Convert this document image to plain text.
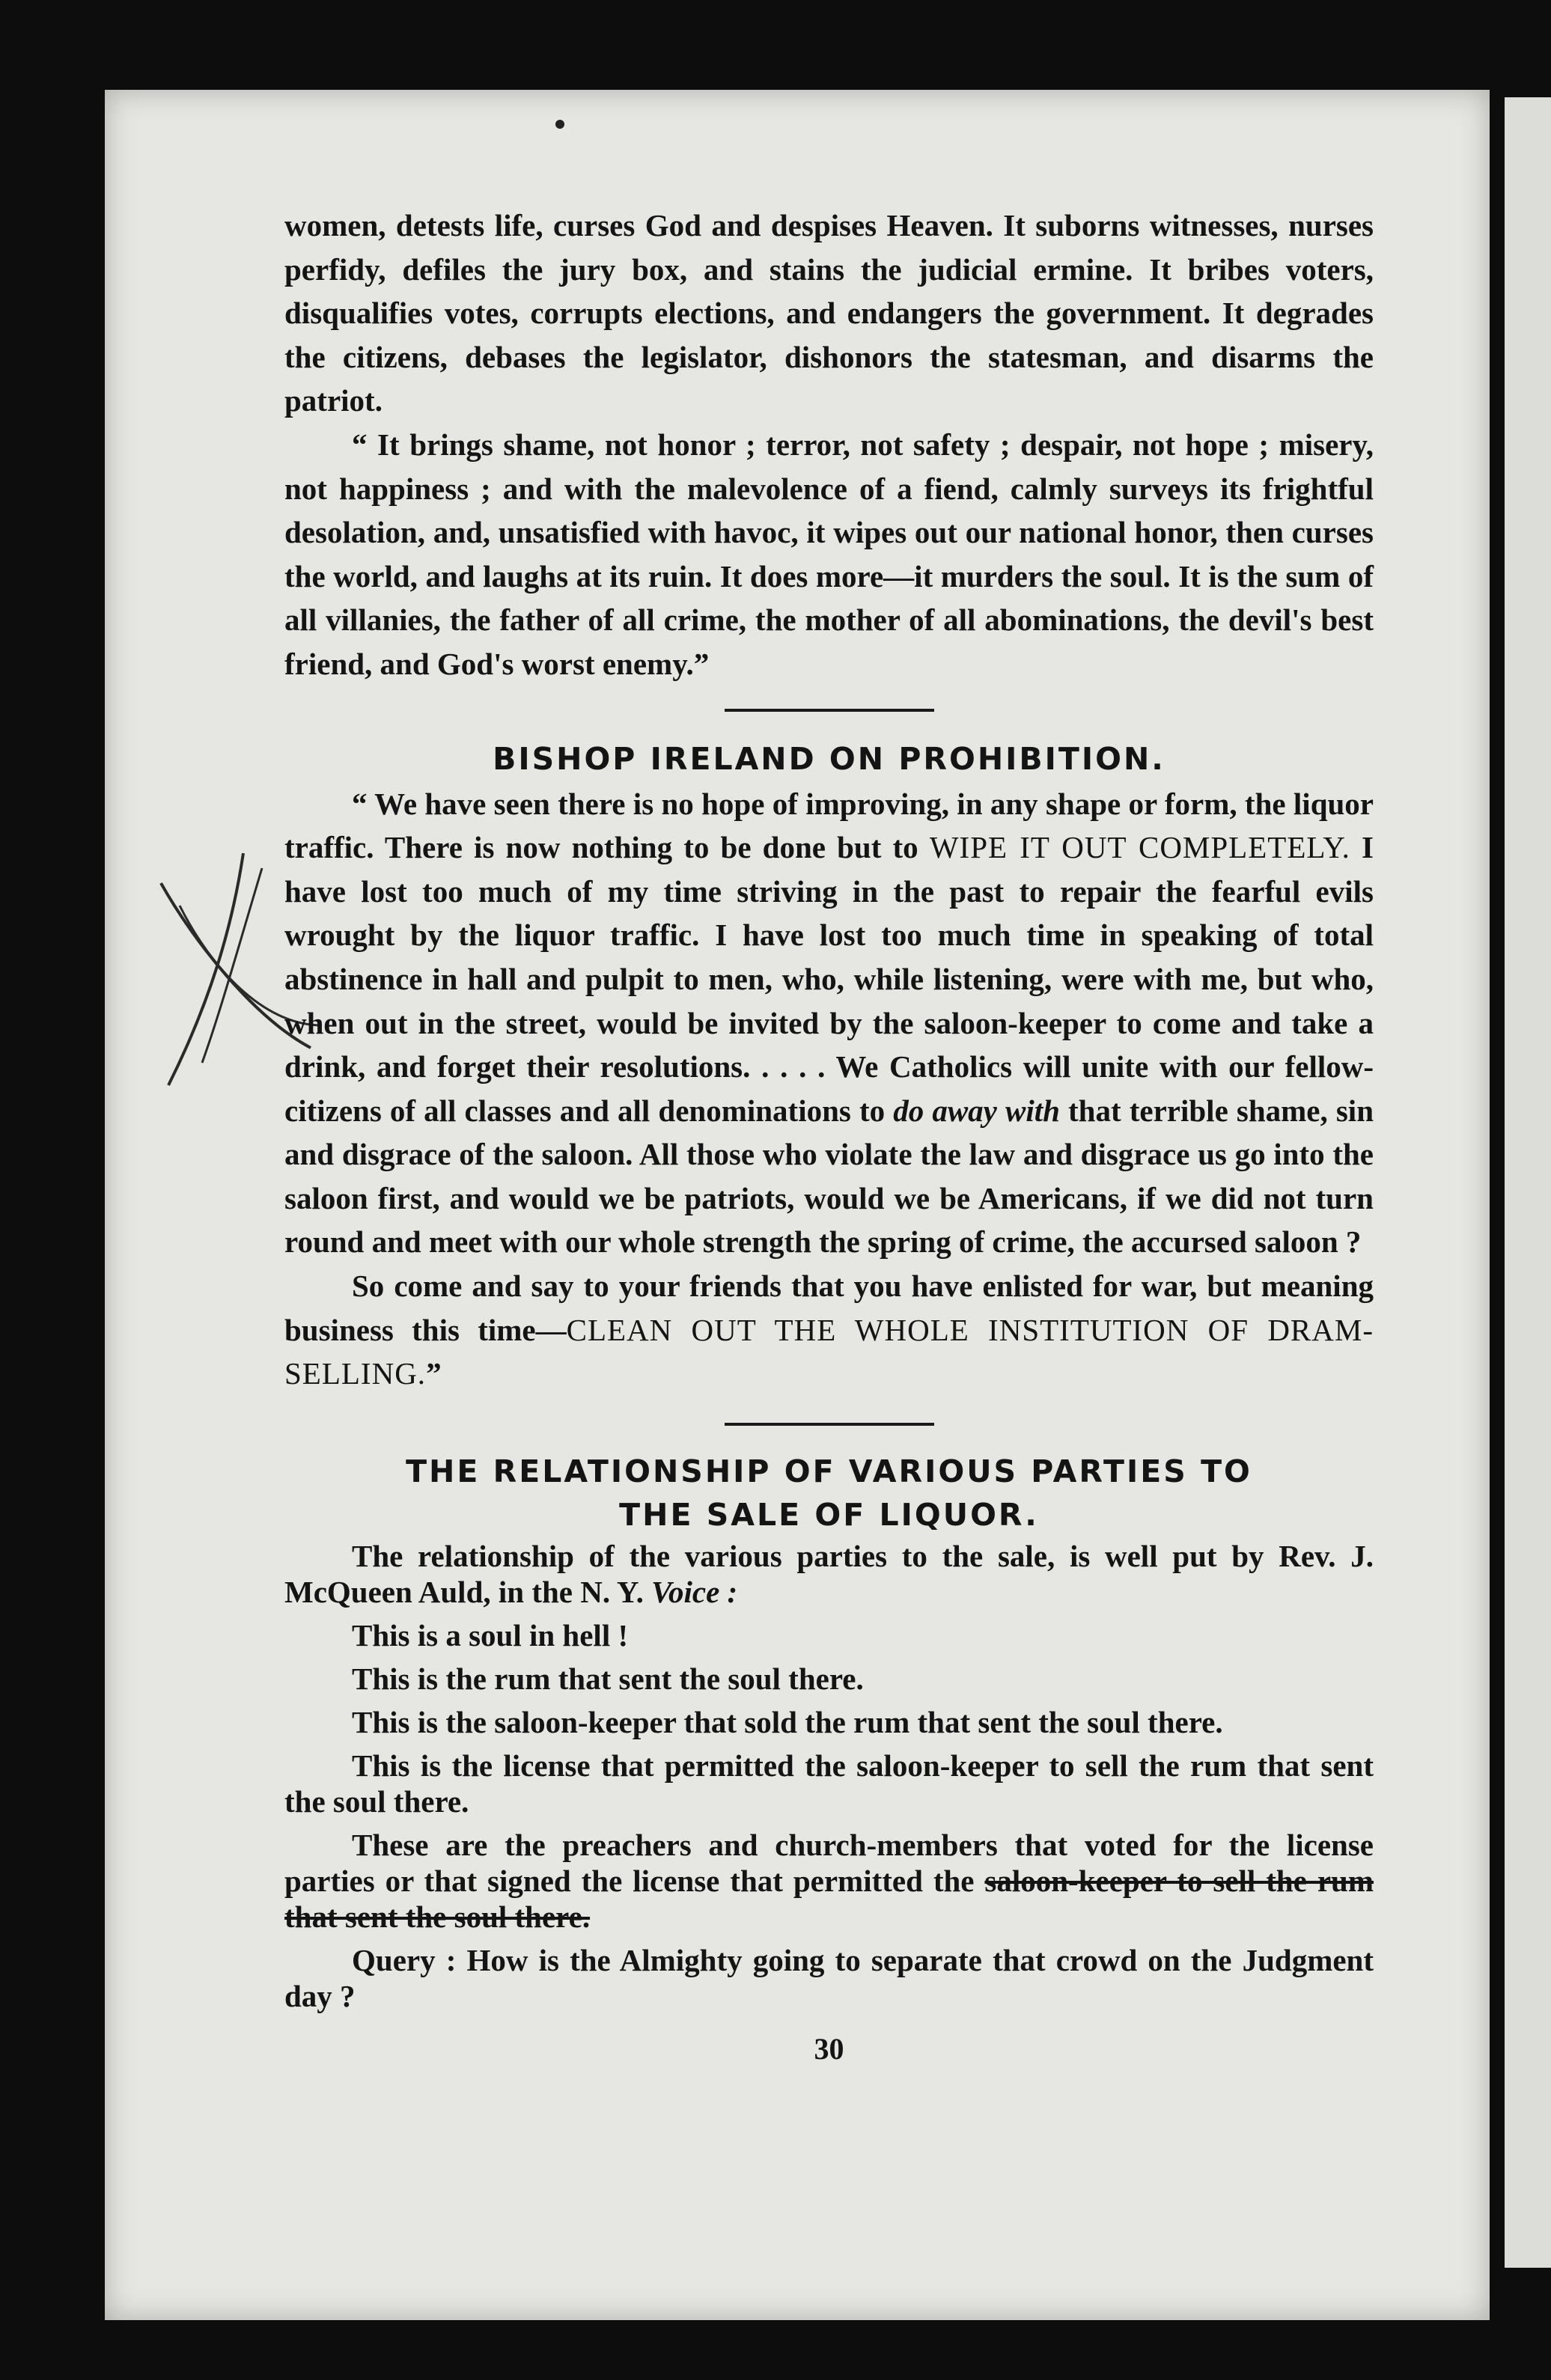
women, detests life, curses God and despises Heaven. It suborns witnesses, nurses perfidy, defiles the jury box, and stains the judicial ermine. It bribes voters, disqualifies votes, corrupts elections, and endangers the government. It degrades the citizens, debases the legislator, dishonors the statesman, and disarms the patriot.

“ It brings shame, not honor ; terror, not safety ; despair, not hope ; misery, not happiness ; and with the malevolence of a fiend, calmly surveys its frightful desolation, and, unsatisfied with havoc, it wipes out our national honor, then curses the world, and laughs at its ruin. It does more—it murders the soul. It is the sum of all villanies, the father of all crime, the mother of all abominations, the devil's best friend, and God's worst enemy.”

BISHOP IRELAND ON PROHIBITION.

“ We have seen there is no hope of improving, in any shape or form, the liquor traffic. There is now nothing to be done but to WIPE IT OUT COMPLETELY. I have lost too much of my time striving in the past to repair the fearful evils wrought by the liquor traffic. I have lost too much time in speaking of total abstinence in hall and pulpit to men, who, while listening, were with me, but who, when out in the street, would be invited by the saloon-keeper to come and take a drink, and forget their resolutions. . . . . We Catholics will unite with our fellow-citizens of all classes and all denominations to do away with that terrible shame, sin and disgrace of the saloon. All those who violate the law and disgrace us go into the saloon first, and would we be patriots, would we be Americans, if we did not turn round and meet with our whole strength the spring of crime, the accursed saloon ?

So come and say to your friends that you have enlisted for war, but meaning business this time—CLEAN OUT THE WHOLE INSTITUTION OF DRAM-SELLING.”

THE RELATIONSHIP OF VARIOUS PARTIES TO
THE SALE OF LIQUOR.

The relationship of the various parties to the sale, is well put by Rev. J. McQueen Auld, in the N. Y. Voice :

This is a soul in hell !

This is the rum that sent the soul there.

This is the saloon-keeper that sold the rum that sent the soul there.

This is the license that permitted the saloon-keeper to sell the rum that sent the soul there.

These are the preachers and church-members that voted for the license parties or that signed the license that permitted the saloon-keeper to sell the rum that sent the soul there.

Query : How is the Almighty going to separate that crowd on the Judgment day ?

30
